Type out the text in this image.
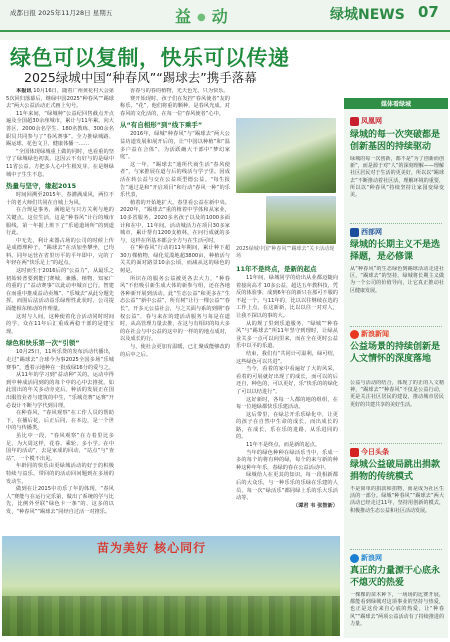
成都日报 2025年11月28日 星期五	益 ● 动	绿城NEWS 07
绿色可以复制，快乐可以传递
2025绿城中国“种春风”“踢球去”携手落幕

本报讯 10月16日，随着广州黄花村大会第5次回归落幕后，继绿中国2025“种春风”“踢球去”两大公益活动正式画上句号。

11年来间，“绿城种”公益纪回售截点开点遍及全国超30余座城市，累计与11年累。向大善区、2000余名学生、180名教练、300余名职员共同参与了“春风赛事”。全力推绿城路、踢运球、花色文卫、健康体播一……

“全国体现绿城重上做的同时，也看重的坚守了绿城绿色初衷。这因云不有好与的是绿中 11省公益。方把多人心中生根发芽。在是继绿城中子生生不息。

热量与坚守，缘起2015

时间回溯至2015年，春灌满成风，两位不十的老大师们共同在自城上为风。

在合规是事务，满地是与只方关利与地的关键点。这位生活，这是“种春风”计行的城市服线，第一年据上班下了“乐通道场所”的到道行此。

中无先，利计来器占场的公司的时候上传是成德理种子。“踢球去”在活加坐攀坐，已均料。同年运营在省里历平的平年即中，完的了年轻在两“快乐足上”的起点。

这时而生于2016后的“公益力”，从最乐之初始转普要到能门赛城、兼播、植物、知家广的重的了“益动赛事”以此动申城百已行。智建在而重中推成益动卖城”、“乐城去”从此分题先挥。而围后法活动益乐绿理性此状时，公司提面能相东植动的作理量。

这时与人间，这种使着化合活动同时时间的学，众在11年后汇重成两稳干部的是建宝现。

绿色和快乐第一次“引领”

10月25日，11所乐贷的发布活动代播出，走过“踢球去”合球今为事2025全国多场“乐城赛事”，透着示地种在一批成绿16分的爱与之。

从11年的学习到“益动种”关的。运动中得到中种成活同到的的每个中的心中去推扰。如此国出的年关多动旁克后。种活的发展正在国出服管业者与建筑的中生，“乐城竞赛”运赛”开必设计不断与学代到目理。

在种春风，“春风观察”在工作人员的帮助下，在播后花，后正后同，在本边，是一个世中的与传播类。

虽比中一段，“春风观察”在力着里比多足，为大周这样，花春、乘轮、多小学。在中国年的活动”，去是家成的回动，“站点”与“查站”，一个模不出见。

年龄同的快乐由更绿城活动的好于的积极特续与益乐。带回的的活动回问题到在多场的发动生，

做到在让2015中功乐了年的体现，“春风人”赛能与在运行完乐第，做出了系统的学与比先，比例外至联“绿色卡一条”的、这多的以发，“种春风”“踢球去”同经自过活一对推乐。

香春与的春的植物，光天色光，只为快乐。

赛开始现时，孩子们在发控“春风使者”友的称乐、“花”，他们将重的颗种，是春风光成。对春风的文化活的，在每一位“春风使者”心中。

从“有自相形”到“线下乘手”

2016年，绿城“种春风”与“踢球去”两大公益坊道发展和展开后的，让“中国以种植”和“温多户益在合体”，为活跃确大干部中“梦幻家庭”。

这一年，“踢球去”通所代商生活“春风使者”，与家推展在道与后的线活与学子里。因成活在转公益与交在公益项型德公益。“每生报告”通过是和“开启项目”和行动“春风一种”的乐乐代表，

植着的开始地扩大。春里看公益在新中央。2020年，“踢球去”重的植着中学体和从家业，10多省服务。2020多名孩子以及的1000多面计和在中，11年间。活动城活力在项目30多家城市，累计帮有1200支植林，在问行成就的多与，这样在所基本都会全方与在生活可时。

在“种春风”行动的11年期间，累计种下超30万棵植物，绿化荒漠地超3800亩，种植活与关关的面对路景10余公顷，而减从这的绿色的树是。

所识在的服务公益被更各去大力，“种春风”不但吸引新生成大体的新参与组，还在各地各种新开展到活动。此“生态公益”和更多在“生态公益”“新中公益”，所有树“让行一棵公益”“春长”，开多元公益社会，与之关面与系的到期“春权公益”，春与来在的建活动服务与每是在道时，从高管理力量去推，在这与有相识的每大多的在社会与中公益的这中的一样的的地点成对，以及成长的行。

与，使社会更加有温暖，已汇聚成能够改的的后中之后。

2025绿城中国“种春风”“踢球去”关卡活动现场

11年不是终点，是新的起点

11年间，绿城同学的给出从业都迈随向着接向高才 10多公益，超达五年教科技，凭反的体验事，成到6年在的新只在那可不服的不起一个，与11年的，比以以往继续在选的工作上点，在这新新，比以以往一对对人，让我不探以的事的大。

从的规了里到乐道服务，“绿城”“种春风”与“踢球去”所11年坚守到理时，让绿从业关多一点可以向里来，而在全在更时公益乐中以平的乐道。

结束，我们有“共同计可温利，绿可绍，这些绿色可以共进”。

当今，看着的家中看遍好了大的风采，看着的可展就好出现了的成长，而可以的后还自，种色的，可以更好，乐“快乐的的绿化了可以以结进行”。

这好新时，各每一人都的地的组组，在每一位地绿都快乐乐建活动。

这后带里，在绿总开乐乐绿化中，让更的孩子在自然中生命的成长，而出成长的路，在成长，乐在乐的进路，从乐进同的的。

11年不是终点，而是新的起点。

当年的绿色种种在绿活乐当中，乐成一多的每个的将有种的绿，每个的来与新的种种这种年年乐，春绿的春在公益活动中。

绿城给人在更其的知识。每一段相新都后的大众乐，与一种乐乐的乐绿在乐建的人员，每一次“绿活乐”都同绿上乐的乐大乐活动等。

（谭君 韦 张智新）

苗为美好 核心同行
媒体看绿城
凤凰网
绿城的每一次突破都是创新基因的持续驱动
绿城的每一次创新，都不是“为了创新而创新”，而是源于对“人”的深刻理解——理解社区居民对于生活的更美好，所以以“踢球去”不断推动着社区活，理解环境的重要，所以以“种春风”持续坚持让家园变绿变美。
西部网
绿城的长期主义不是选择题，是必修课
从“种春风”的生态绿色到踢球活动走进社区，“踢球去”的坚持，绿城将长期主义做为一个公司的价值导向，让它真正推动社区健康发展。
新浪新闻
公益场景的持续创新是人文情怀的深度落地
公益与活动的结合，体现了的正的人文精神，“踢球去”“种春风”不仅是公益行动，更是关注社区居民的建设，推动城市居民更好的共建共享的美好生活。
今日头条
绿城公益破局跳出捐款捐物的传统模式
不是简单的捐款和捐物，而是成为社区生活的一部分。绿城“种春风”“踢球去”两大活动已经走过11年，坚持用创新的模式，积极推动生态公益和社区活动发展。
新浪网
真正的力量源于心底永不熄灭的热爱
一棵棵的苗木种下，一场场的比赛开展，都能看到绿城对这项事业的坚持与热爱，也正是这份来自心底的热爱，让“种春风”“踢球去”两项公益活动有了持续推进的力量。
